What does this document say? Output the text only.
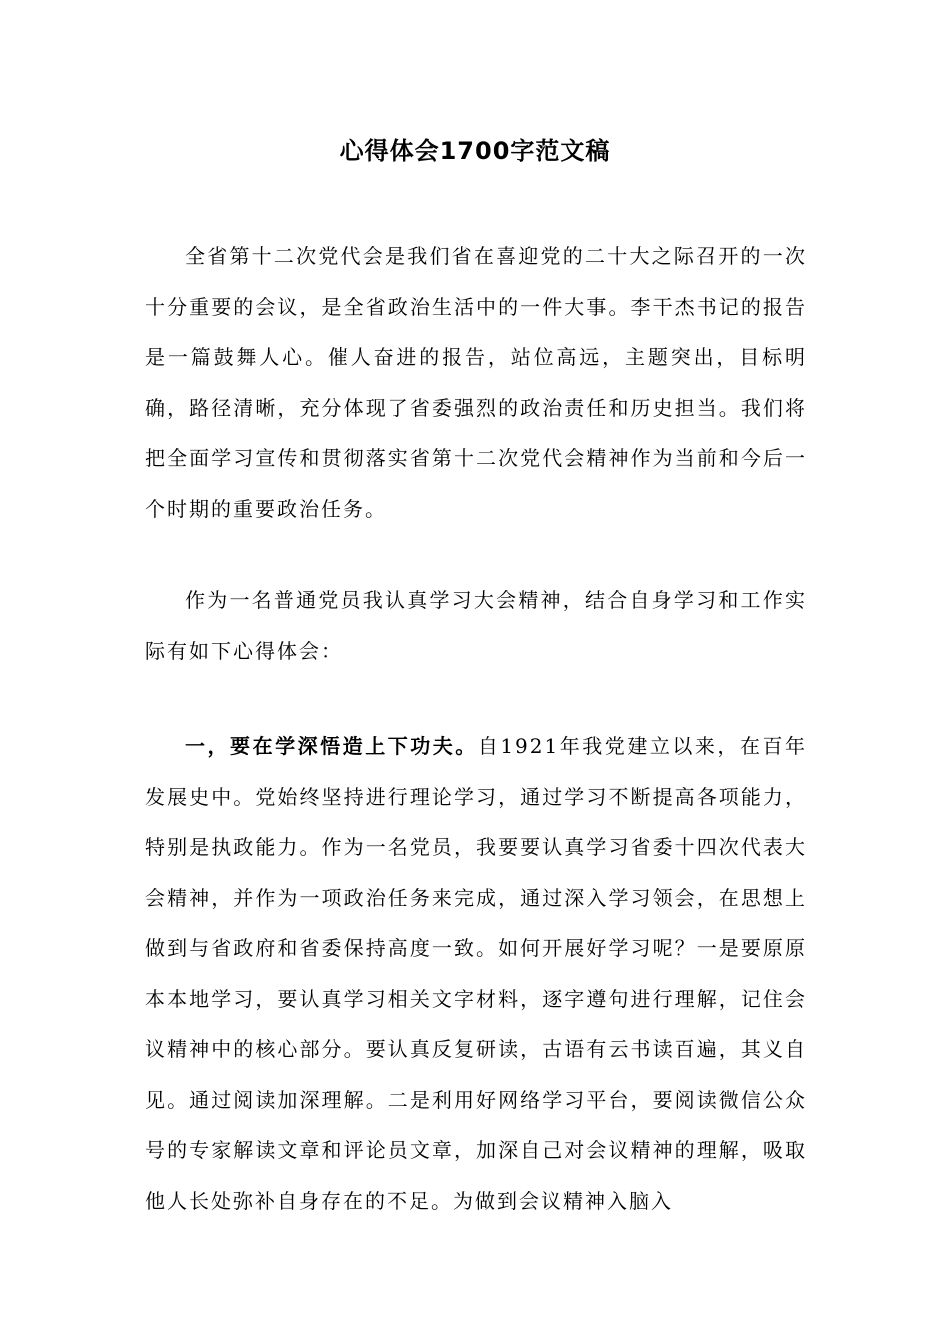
心得体会1700字范文稿
全省第十二次党代会是我们省在喜迎党的二十大之际召开的一次十分重要的会议，是全省政治生活中的一件大事。李干杰书记的报告是一篇鼓舞人心。催人奋进的报告，站位高远，主题突出，目标明确，路径清晰，充分体现了省委强烈的政治责任和历史担当。我们将把全面学习宣传和贯彻落实省第十二次党代会精神作为当前和今后一个时期的重要政治任务。
作为一名普通党员我认真学习大会精神，结合自身学习和工作实际有如下心得体会：
一，要在学深悟造上下功夫。自1921年我党建立以来，在百年发展史中。党始终坚持进行理论学习，通过学习不断提高各项能力，特别是执政能力。作为一名党员，我要要认真学习省委十四次代表大会精神，并作为一项政治任务来完成，通过深入学习领会，在思想上做到与省政府和省委保持高度一致。如何开展好学习呢？一是要原原本本地学习，要认真学习相关文字材料，逐字遵句进行理解，记住会议精神中的核心部分。要认真反复研读，古语有云书读百遍，其义自见。通过阅读加深理解。二是利用好网络学习平台，要阅读微信公众号的专家解读文章和评论员文章，加深自己对会议精神的理解，吸取他人长处弥补自身存在的不足。为做到会议精神入脑入
